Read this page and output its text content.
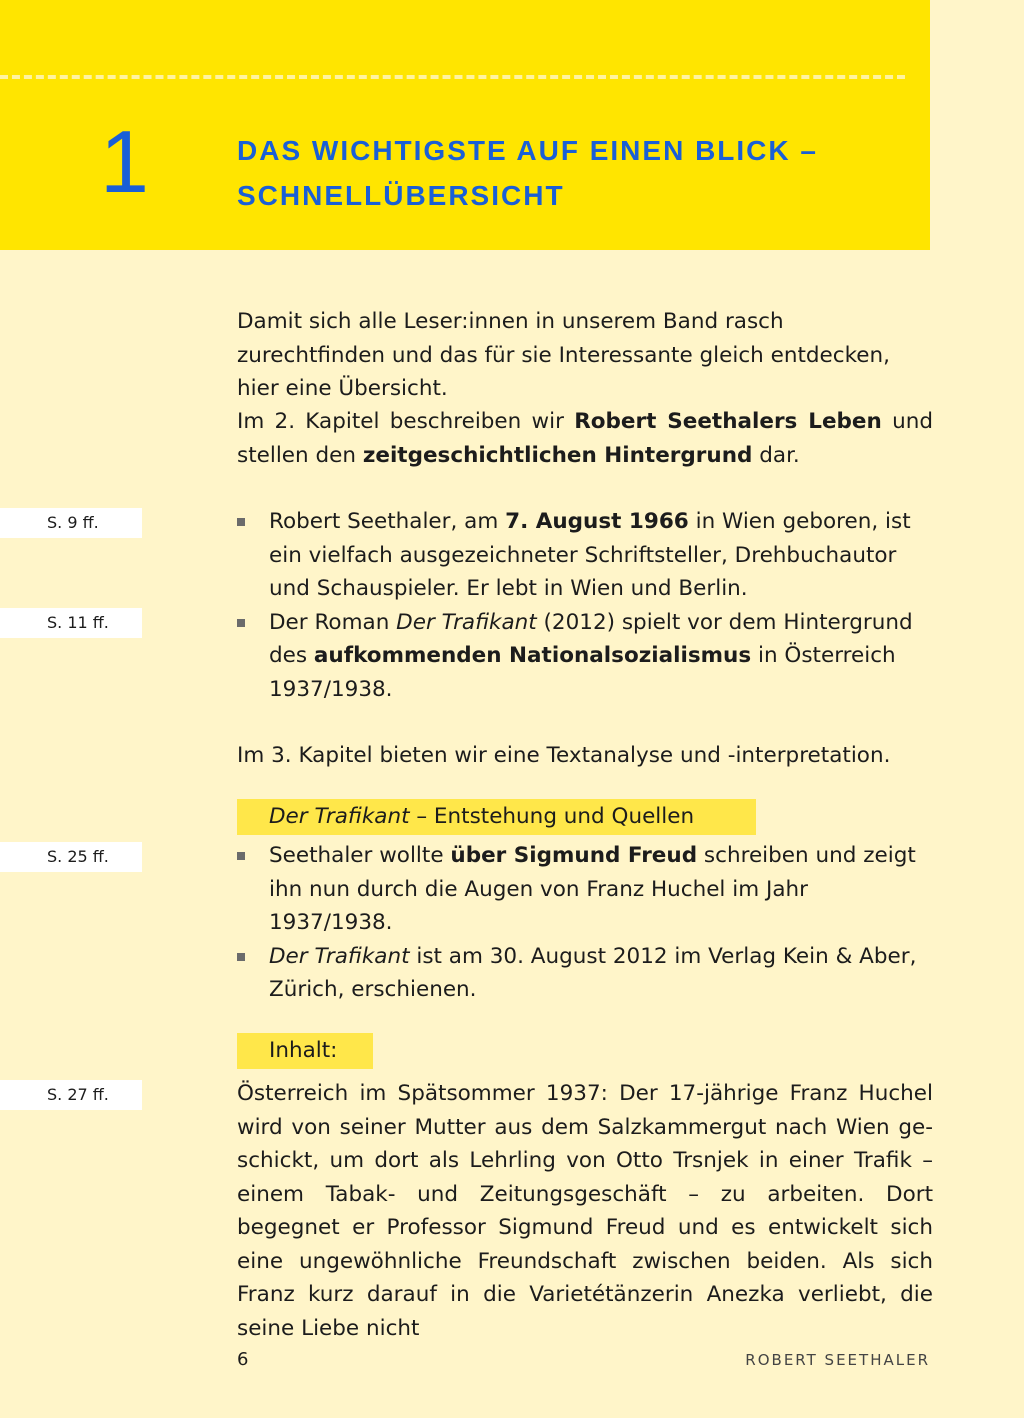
1	DAS WICHTIGSTE AUF EINEN BLICK –
SCHNELLÜBERSICHT
Damit sich alle Leser:innen in unserem Band rasch zurechtfinden und das für sie Interessante gleich entdecken, hier eine Übersicht.
Im 2. Kapitel beschreiben wir Robert Seethalers Leben und stellen den zeitgeschichtlichen Hintergrund dar.
S. 9 ff.
S. 11 ff.
S. 25 ff.
S. 27 ff.
Robert Seethaler, am 7. August 1966 in Wien geboren, ist ein vielfach ausgezeichneter Schriftsteller, Drehbuchautor und Schauspieler. Er lebt in Wien und Berlin.
Der Roman Der Trafikant (2012) spielt vor dem Hintergrund des aufkommenden Nationalsozialismus in Österreich 1937/1938.
Im 3. Kapitel bieten wir eine Textanalyse und -interpretation.
Der Trafikant – Entstehung und Quellen
Seethaler wollte über Sigmund Freud schreiben und zeigt ihn nun durch die Augen von Franz Huchel im Jahr 1937/1938.
Der Trafikant ist am 30. August 2012 im Verlag Kein & Aber, Zürich, erschienen.
Inhalt:
Österreich im Spätsommer 1937: Der 17-jährige Franz Huchel wird von seiner Mutter aus dem Salzkammergut nach Wien geschickt, um dort als Lehrling von Otto Trsnjek in einer Trafik – einem Tabak- und Zeitungsgeschäft – zu arbeiten. Dort begegnet er Professor Sigmund Freud und es entwickelt sich eine ungewöhnliche Freundschaft zwischen beiden. Als sich Franz kurz darauf in die Varietétänzerin Anezka verliebt, die seine Liebe nicht
6	ROBERT SEETHALER
